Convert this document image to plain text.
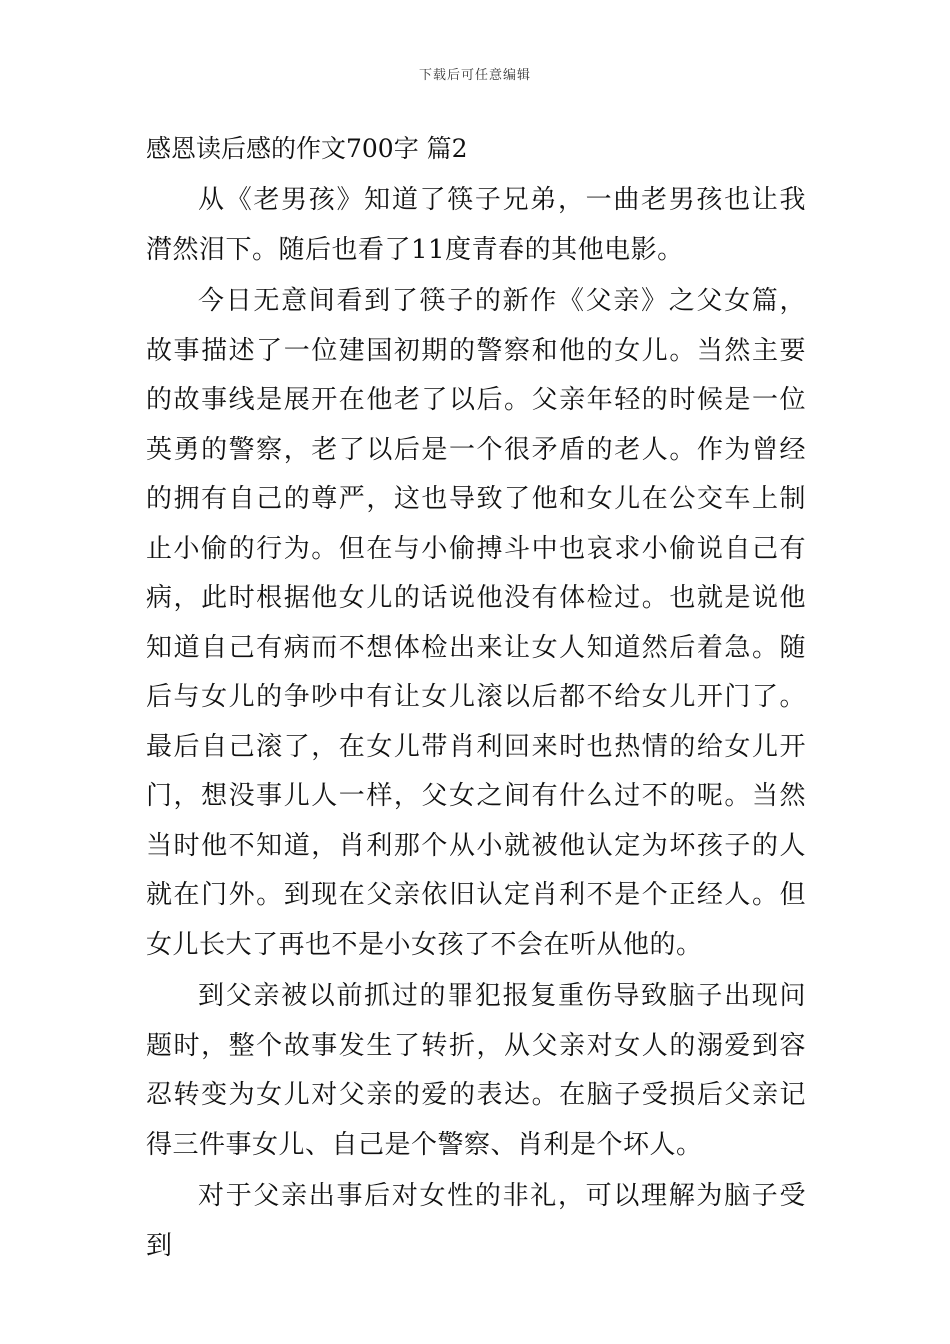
下载后可任意编辑
感恩读后感的作文700字 篇2

从《老男孩》知道了筷子兄弟，一曲老男孩也让我潸然泪下。随后也看了11度青春的其他电影。

今日无意间看到了筷子的新作《父亲》之父女篇，故事描述了一位建国初期的警察和他的女儿。当然主要的故事线是展开在他老了以后。父亲年轻的时候是一位英勇的警察，老了以后是一个很矛盾的老人。作为曾经的拥有自己的尊严，这也导致了他和女儿在公交车上制止小偷的行为。但在与小偷搏斗中也哀求小偷说自己有病，此时根据他女儿的话说他没有体检过。也就是说他知道自己有病而不想体检出来让女人知道然后着急。随后与女儿的争吵中有让女儿滚以后都不给女儿开门了。最后自己滚了，在女儿带肖利回来时也热情的给女儿开门，想没事儿人一样，父女之间有什么过不的呢。当然当时他不知道，肖利那个从小就被他认定为坏孩子的人就在门外。到现在父亲依旧认定肖利不是个正经人。但女儿长大了再也不是小女孩了不会在听从他的。

到父亲被以前抓过的罪犯报复重伤导致脑子出现问题时，整个故事发生了转折，从父亲对女人的溺爱到容忍转变为女儿对父亲的爱的表达。在脑子受损后父亲记得三件事女儿、自己是个警察、肖利是个坏人。

对于父亲出事后对女性的非礼，可以理解为脑子受到
